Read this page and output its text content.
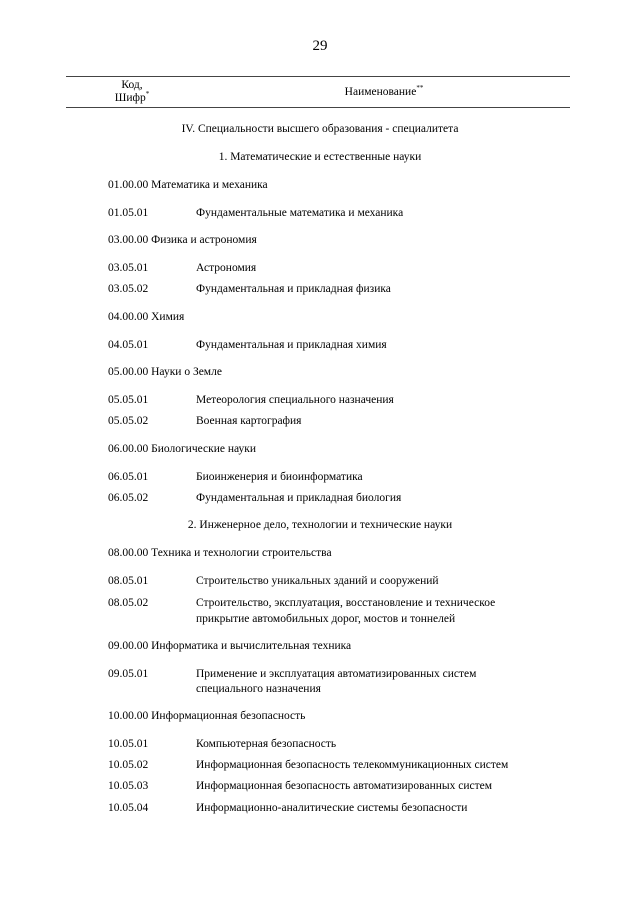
29
Код,
Шифр*	Наименование**
IV. Специальности высшего образования - специалитета
1. Математические и естественные науки
01.00.00 Математика и механика
01.05.01	Фундаментальные математика и механика
03.00.00 Физика и астрономия
03.05.01	Астрономия
03.05.02	Фундаментальная и прикладная физика
04.00.00 Химия
04.05.01	Фундаментальная и прикладная химия
05.00.00 Науки о Земле
05.05.01	Метеорология специального назначения
05.05.02	Военная картография
06.00.00 Биологические науки
06.05.01	Биоинженерия и биоинформатика
06.05.02	Фундаментальная и прикладная биология
2. Инженерное дело, технологии и технические науки
08.00.00 Техника и технологии строительства
08.05.01	Строительство уникальных зданий и сооружений
08.05.02	Строительство, эксплуатация, восстановление и техническое
прикрытие автомобильных дорог, мостов и тоннелей
09.00.00 Информатика и вычислительная техника
09.05.01	Применение и эксплуатация автоматизированных систем
специального назначения
10.00.00 Информационная безопасность
10.05.01	Компьютерная безопасность
10.05.02	Информационная безопасность телекоммуникационных систем
10.05.03	Информационная безопасность автоматизированных систем
10.05.04	Информационно-аналитические системы безопасности
